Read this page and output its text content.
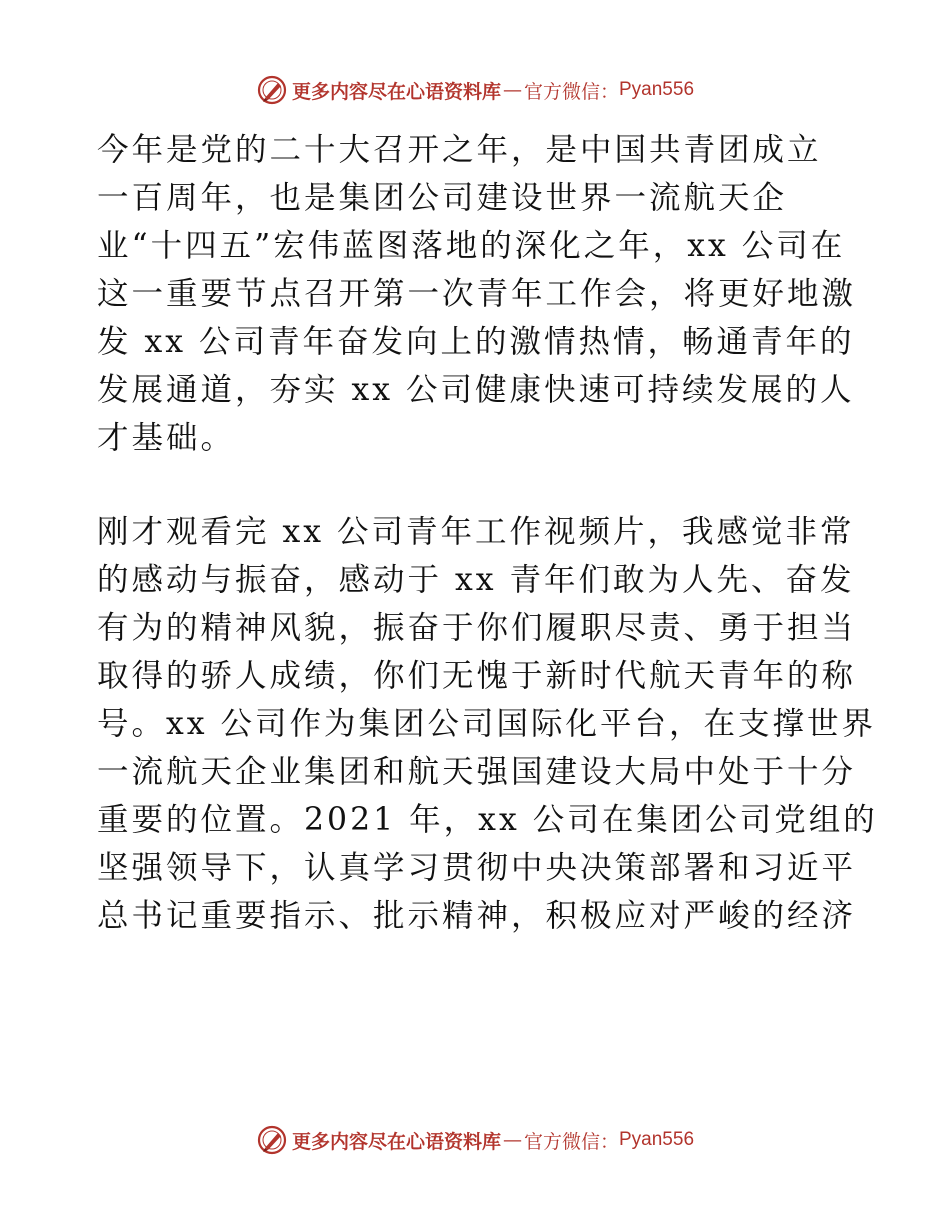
更多内容尽在心语资料库 — 官方微信： Pyan556

今年是党的二十大召开之年，是中国共青团成立
一百周年，也是集团公司建设世界一流航天企
业“十四五”宏伟蓝图落地的深化之年，xx 公司在
这一重要节点召开第一次青年工作会，将更好地激
发 xx 公司青年奋发向上的激情热情，畅通青年的
发展通道，夯实 xx 公司健康快速可持续发展的人
才基础。

刚才观看完 xx 公司青年工作视频片，我感觉非常
的感动与振奋，感动于 xx 青年们敢为人先、奋发
有为的精神风貌，振奋于你们履职尽责、勇于担当
取得的骄人成绩，你们无愧于新时代航天青年的称
号。xx 公司作为集团公司国际化平台，在支撑世界
一流航天企业集团和航天强国建设大局中处于十分
重要的位置。2021 年，xx 公司在集团公司党组的
坚强领导下，认真学习贯彻中央决策部署和习近平
总书记重要指示、批示精神，积极应对严峻的经济

更多内容尽在心语资料库 — 官方微信： Pyan556
